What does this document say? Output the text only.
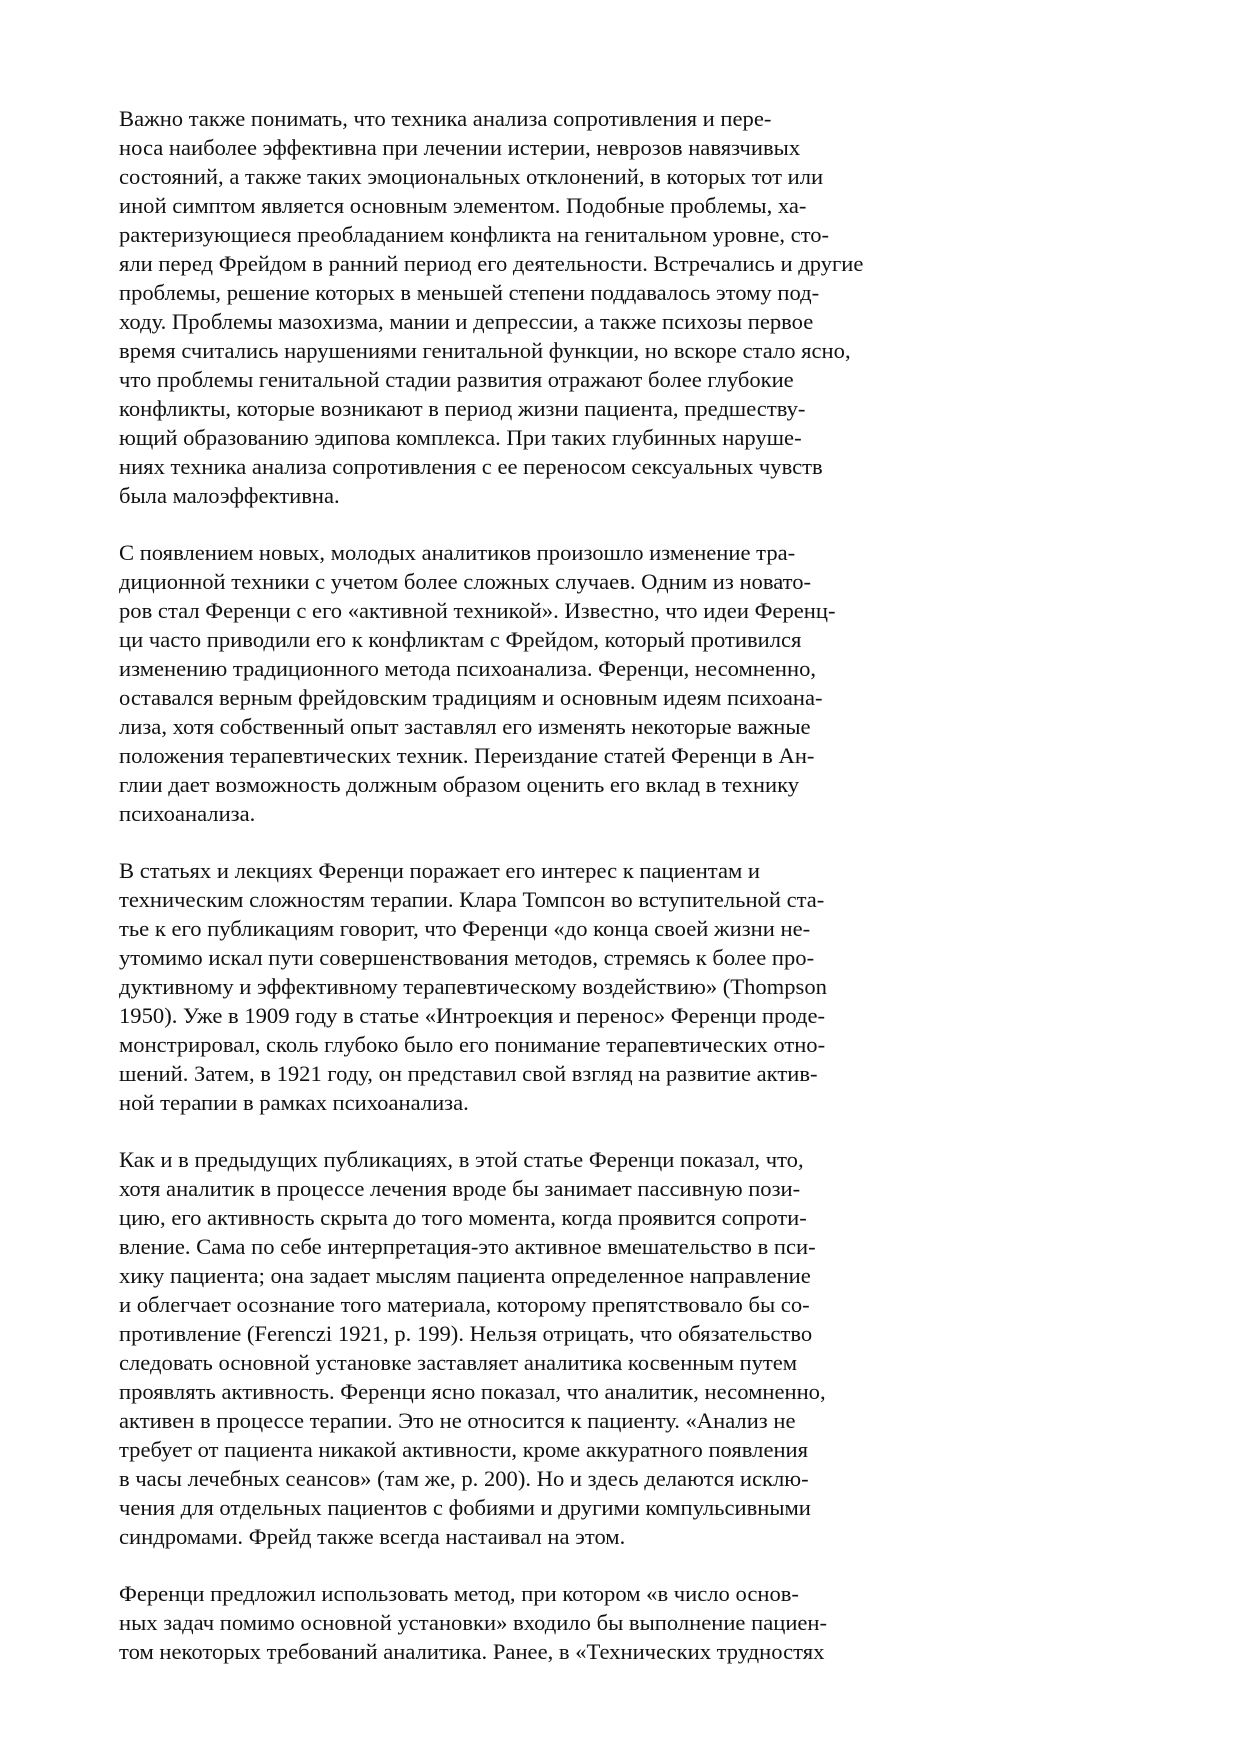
Важно также понимать, что техника анализа сопротивления и пере-
носа наиболее эффективна при лечении истерии, неврозов навязчивых
состояний, а также таких эмоциональных отклонений, в которых тот или
иной симптом является основным элементом. Подобные проблемы, ха-
рактеризующиеся преобладанием конфликта на генитальном уровне, сто-
яли перед Фрейдом в ранний период его деятельности. Встречались и другие
проблемы, решение которых в меньшей степени поддавалось этому под-
ходу. Проблемы мазохизма, мании и депрессии, а также психозы первое
время считались нарушениями генитальной функции, но вскоре стало ясно,
что проблемы генитальной стадии развития отражают более глубокие
конфликты, которые возникают в период жизни пациента, предшеству-
ющий образованию эдипова комплекса. При таких глубинных наруше-
ниях техника анализа сопротивления с ее переносом сексуальных чувств
была малоэффективна.
С появлением новых, молодых аналитиков произошло изменение тра-
диционной техники с учетом более сложных случаев. Одним из новато-
ров стал Ференци с его «активной техникой». Известно, что идеи Ференц-
ци часто приводили его к конфликтам с Фрейдом, который противился
изменению традиционного метода психоанализа. Ференци, несомненно,
оставался верным фрейдовским традициям и основным идеям психоана-
лиза, хотя собственный опыт заставлял его изменять некоторые важные
положения терапевтических техник. Переиздание статей Ференци в Ан-
глии дает возможность должным образом оценить его вклад в технику
психоанализа.
В статьях и лекциях Ференци поражает его интерес к пациентам и
техническим сложностям терапии. Клара Томпсон во вступительной ста-
тье к его публикациям говорит, что Ференци «до конца своей жизни не-
утомимо искал пути совершенствования методов, стремясь к более про-
дуктивному и эффективному терапевтическому воздействию» (Thompson
1950). Уже в 1909 году в статье «Интроекция и перенос» Ференци проде-
монстрировал, сколь глубоко было его понимание терапевтических отно-
шений. Затем, в 1921 году, он представил свой взгляд на развитие актив-
ной терапии в рамках психоанализа.
Как и в предыдущих публикациях, в этой статье Ференци показал, что,
хотя аналитик в процессе лечения вроде бы занимает пассивную пози-
цию, его активность скрыта до того момента, когда проявится сопроти-
вление. Сама по себе интерпретация-это активное вмешательство в пси-
хику пациента; она задает мыслям пациента определенное направление
и облегчает осознание того материала, которому препятствовало бы со-
противление (Ferenczi 1921, p. 199). Нельзя отрицать, что обязательство
следовать основной установке заставляет аналитика косвенным путем
проявлять активность. Ференци ясно показал, что аналитик, несомненно,
активен в процессе терапии. Это не относится к пациенту. «Анализ не
требует от пациента никакой активности, кроме аккуратного появления
в часы лечебных сеансов» (там же, р. 200). Но и здесь делаются исклю-
чения для отдельных пациентов с фобиями и другими компульсивными
синдромами. Фрейд также всегда настаивал на этом.
Ференци предложил использовать метод, при котором «в число основ-
ных задач помимо основной установки» входило бы выполнение пациен-
том некоторых требований аналитика. Ранее, в «Технических трудностях
